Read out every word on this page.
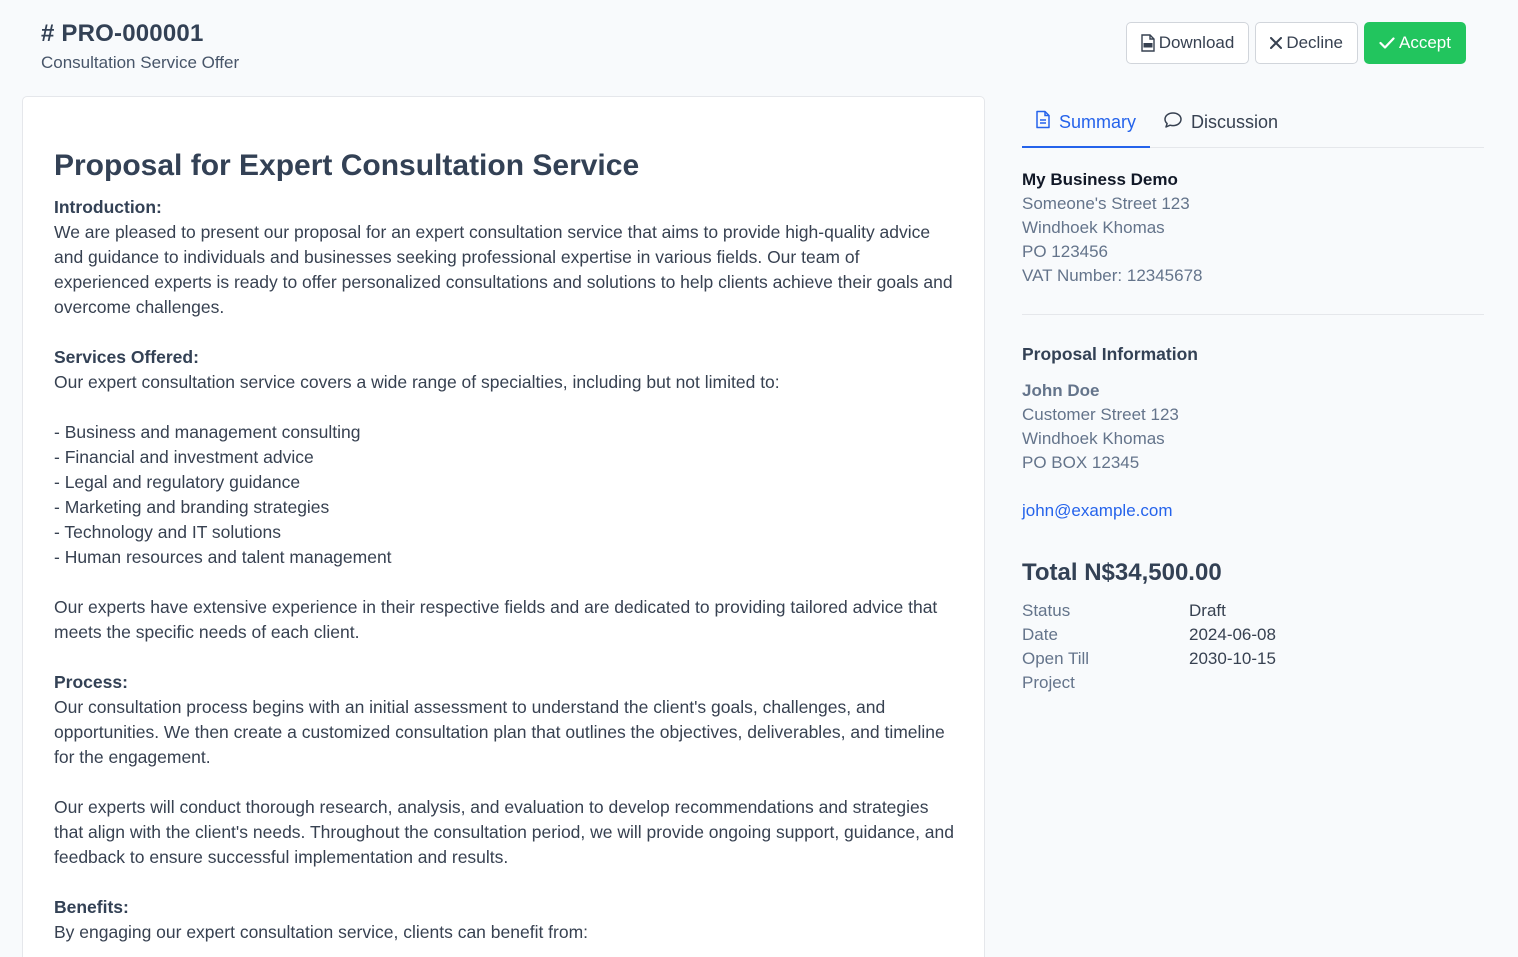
# PRO-000001
Consultation Service Offer
Download	Decline	Accept
Proposal for Expert Consultation Service
Introduction:
We are pleased to present our proposal for an expert consultation service that aims to provide high-quality advice and guidance to individuals and businesses seeking professional expertise in various fields. Our team of experienced experts is ready to offer personalized consultations and solutions to help clients achieve their goals and overcome challenges.
Services Offered:
Our expert consultation service covers a wide range of specialties, including but not limited to:
- Business and management consulting
- Financial and investment advice
- Legal and regulatory guidance
- Marketing and branding strategies
- Technology and IT solutions
- Human resources and talent management
Our experts have extensive experience in their respective fields and are dedicated to providing tailored advice that meets the specific needs of each client.
Process:
Our consultation process begins with an initial assessment to understand the client's goals, challenges, and opportunities. We then create a customized consultation plan that outlines the objectives, deliverables, and timeline for the engagement.
Our experts will conduct thorough research, analysis, and evaluation to develop recommendations and strategies that align with the client's needs. Throughout the consultation period, we will provide ongoing support, guidance, and feedback to ensure successful implementation and results.
Benefits:
By engaging our expert consultation service, clients can benefit from:
Summary	Discussion
My Business Demo
Someone's Street 123
Windhoek Khomas
PO 123456
VAT Number: 12345678
Proposal Information
John Doe
Customer Street 123
Windhoek Khomas
PO BOX 12345
john@example.com
Total N$34,500.00
Status	Draft
Date	2024-06-08
Open Till	2030-10-15
Project
